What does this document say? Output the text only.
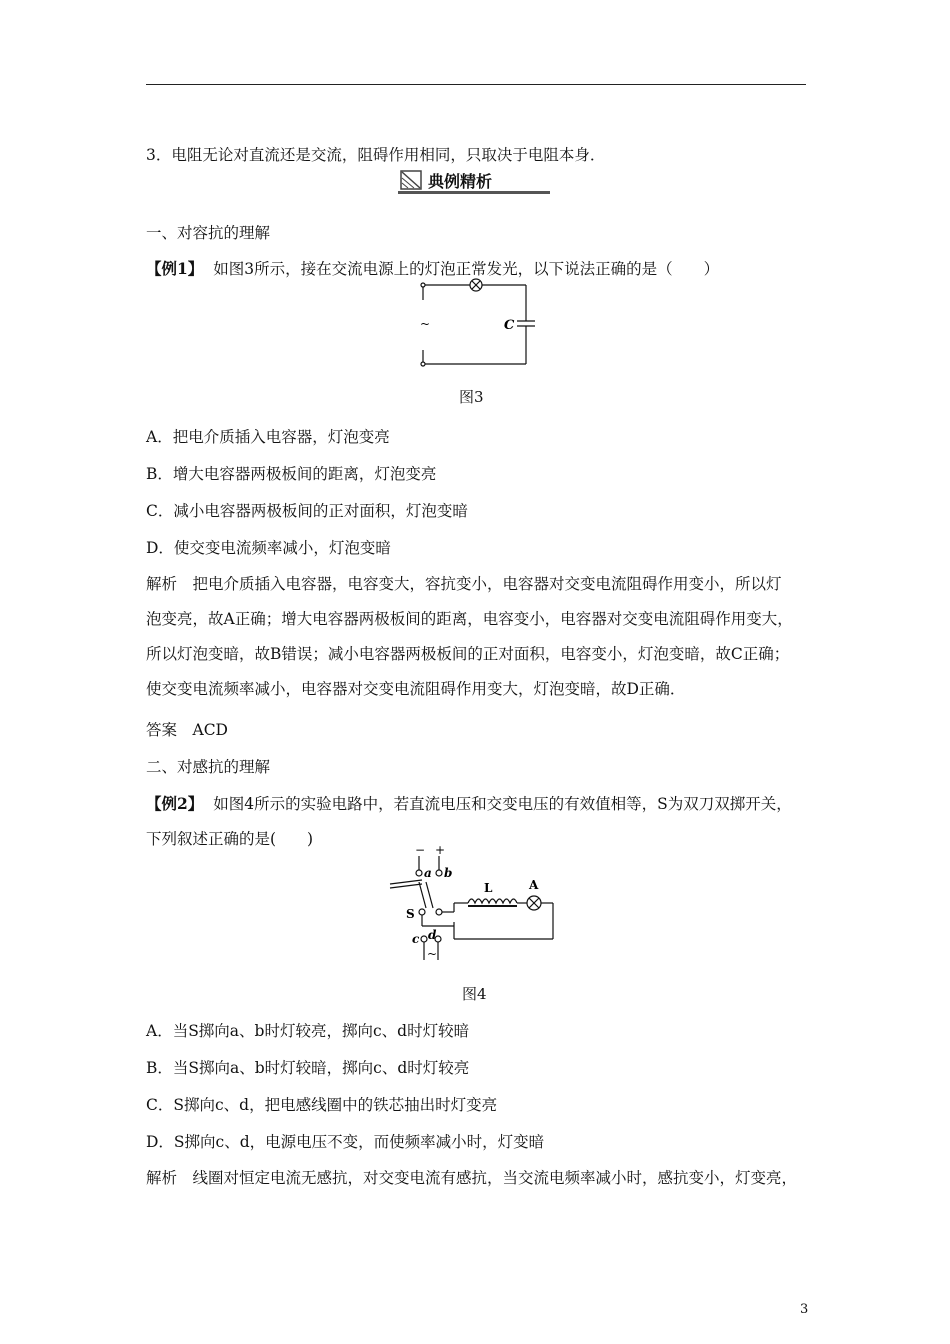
3．电阻无论对直流还是交流，阻碍作用相同，只取决于电阻本身．
典例精析
一、对容抗的理解
【例1】 如图3所示，接在交流电源上的灯泡正常发光，以下说法正确的是（　　）
~	C
图3
A．把电介质插入电容器，灯泡变亮
B．增大电容器两极板间的距离，灯泡变亮
C．减小电容器两极板间的正对面积，灯泡变暗
D．使交变电流频率减小，灯泡变暗
解析　把电介质插入电容器，电容变大，容抗变小，电容器对交变电流阻碍作用变小，所以灯
泡变亮，故A正确；增大电容器两极板间的距离，电容变小，电容器对交变电流阻碍作用变大，
所以灯泡变暗，故B错误；减小电容器两极板间的正对面积，电容变小，灯泡变暗，故C正确；
使交变电流频率减小，电容器对交变电流阻碍作用变大，灯泡变暗，故D正确．
答案　ACD
二、对感抗的理解
【例2】 如图4所示的实验电路中，若直流电压和交变电压的有效值相等，S为双刀双掷开关，
下列叙述正确的是(　　)
− +
a b
L	A
S
c d
~
图4
A．当S掷向a、b时灯较亮，掷向c、d时灯较暗
B．当S掷向a、b时灯较暗，掷向c、d时灯较亮
C．S掷向c、d，把电感线圈中的铁芯抽出时灯变亮
D．S掷向c、d，电源电压不变，而使频率减小时，灯变暗
解析　线圈对恒定电流无感抗，对交变电流有感抗，当交流电频率减小时，感抗变小，灯变亮，
3
